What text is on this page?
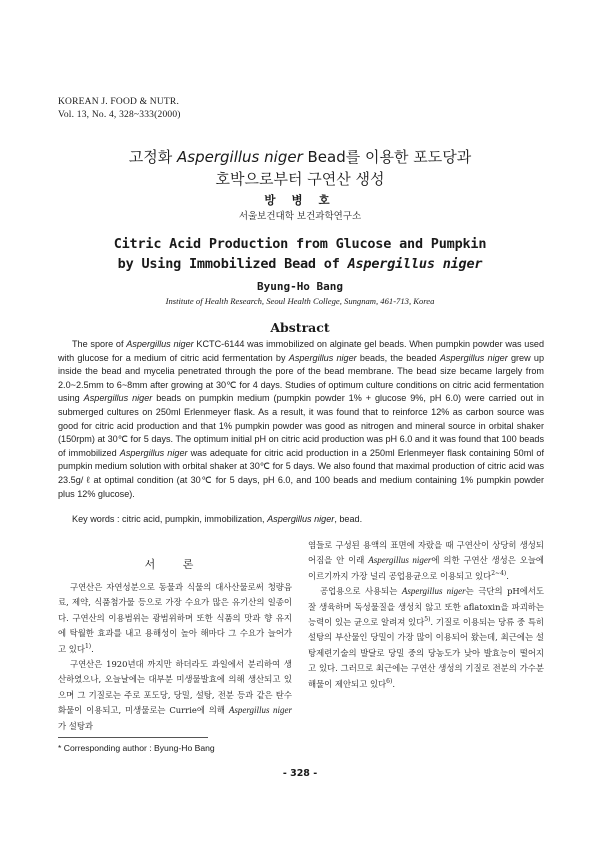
KOREAN J. FOOD & NUTR.
Vol. 13, No. 4, 328~333(2000)
고정화 Aspergillus niger Bead를 이용한 포도당과
호박으로부터 구연산 생성
방 병 호
서울보건대학 보건과학연구소
Citric Acid Production from Glucose and Pumpkin
by Using Immobilized Bead of Aspergillus niger
Byung-Ho Bang
Institute of Health Research, Seoul Health College, Sungnam, 461-713, Korea
Abstract
The spore of Aspergillus niger KCTC-6144 was immobilized on alginate gel beads. When pumpkin powder was used with glucose for a medium of citric acid fermentation by Aspergillus niger beads, the beaded Aspergillus niger grew up inside the bead and mycelia penetrated through the pore of the bead membrane. The bead size became largely from 2.0~2.5mm to 6~8mm after growing at 30℃ for 4 days. Studies of optimum culture conditions on citric acid fermentation using Aspergillus niger beads on pumpkin medium (pumpkin powder 1% + glucose 9%, pH 6.0) were carried out in submerged cultures on 250ml Erlenmeyer flask. As a result, it was found that to reinforce 12% as carbon source was good for citric acid production and that 1% pumpkin powder was good as nitrogen and mineral source in orbital shaker (150rpm) at 30℃ for 5 days. The optimum initial pH on citric acid production was pH 6.0 and it was found that 100 beads of immobilized Aspergillus niger was adequate for citric acid production in a 250ml Erlenmeyer flask containing 50ml of pumpkin medium solution with orbital shaker at 30℃ for 5 days. We also found that maximal production of citric acid was 23.5g/ ℓ at optimal condition (at 30℃ for 5 days, pH 6.0, and 100 beads and medium containing 1% pumpkin powder plus 12% glucose).
Key words : citric acid, pumpkin, immobilization, Aspergillus niger, bead.
서 론

구연산은 자연성분으로 동물과 식물의 대사산물로써 청량음료, 제약, 식품첨가물 등으로 가장 수요가 많은 유기산의 일종이다. 구연산의 이용범위는 광범위하며 또한 식품의 맛과 향 유지에 탁월한 효과를 내고 용해성이 높아 해마다 그 수요가 늘어가고 있다$^{1)}$.

구연산은 1920년대 까지만 하더라도 과일에서 분리하여 생산하였으나, 오늘날에는 대부분 미생물발효에 의해 생산되고 있으며 그 기질로는 주로 포도당, 당밀, 설탕, 전분 등과 같은 탄수화물이 이용되고, 미생물로는 Currie에 의해 Aspergillus niger가 설탕과

염들로 구성된 용액의 표면에 자랐을 때 구연산이 상당히 생성되어짐을 안 이래 Aspergillus niger에 의한 구연산 생성은 오늘에 이르기까지 가장 널리 공업용균으로 이용되고 있다$^{2\sim 4)}$.

공업용으로 사용되는 Aspergillus niger는 극단의 pH에서도 잘 생육하며 독성물질을 생성치 않고 또한 aflatoxin을 파괴하는 능력이 있는 균으로 알려져 있다$^{5)}$. 기질로 이용되는 당류 중 특히 설탕의 부산물인 당밀이 가장 많이 이용되어 왔는데, 최근에는 설탕제련기술의 발달로 당밀 중의 당농도가 낮아 발효능이 떨어지고 있다. 그러므로 최근에는 구연산 생성의 기질로 전분의 가수분해물이 제안되고 있다$^{6)}$.

* Corresponding author : Byung-Ho Bang
- 328 -
